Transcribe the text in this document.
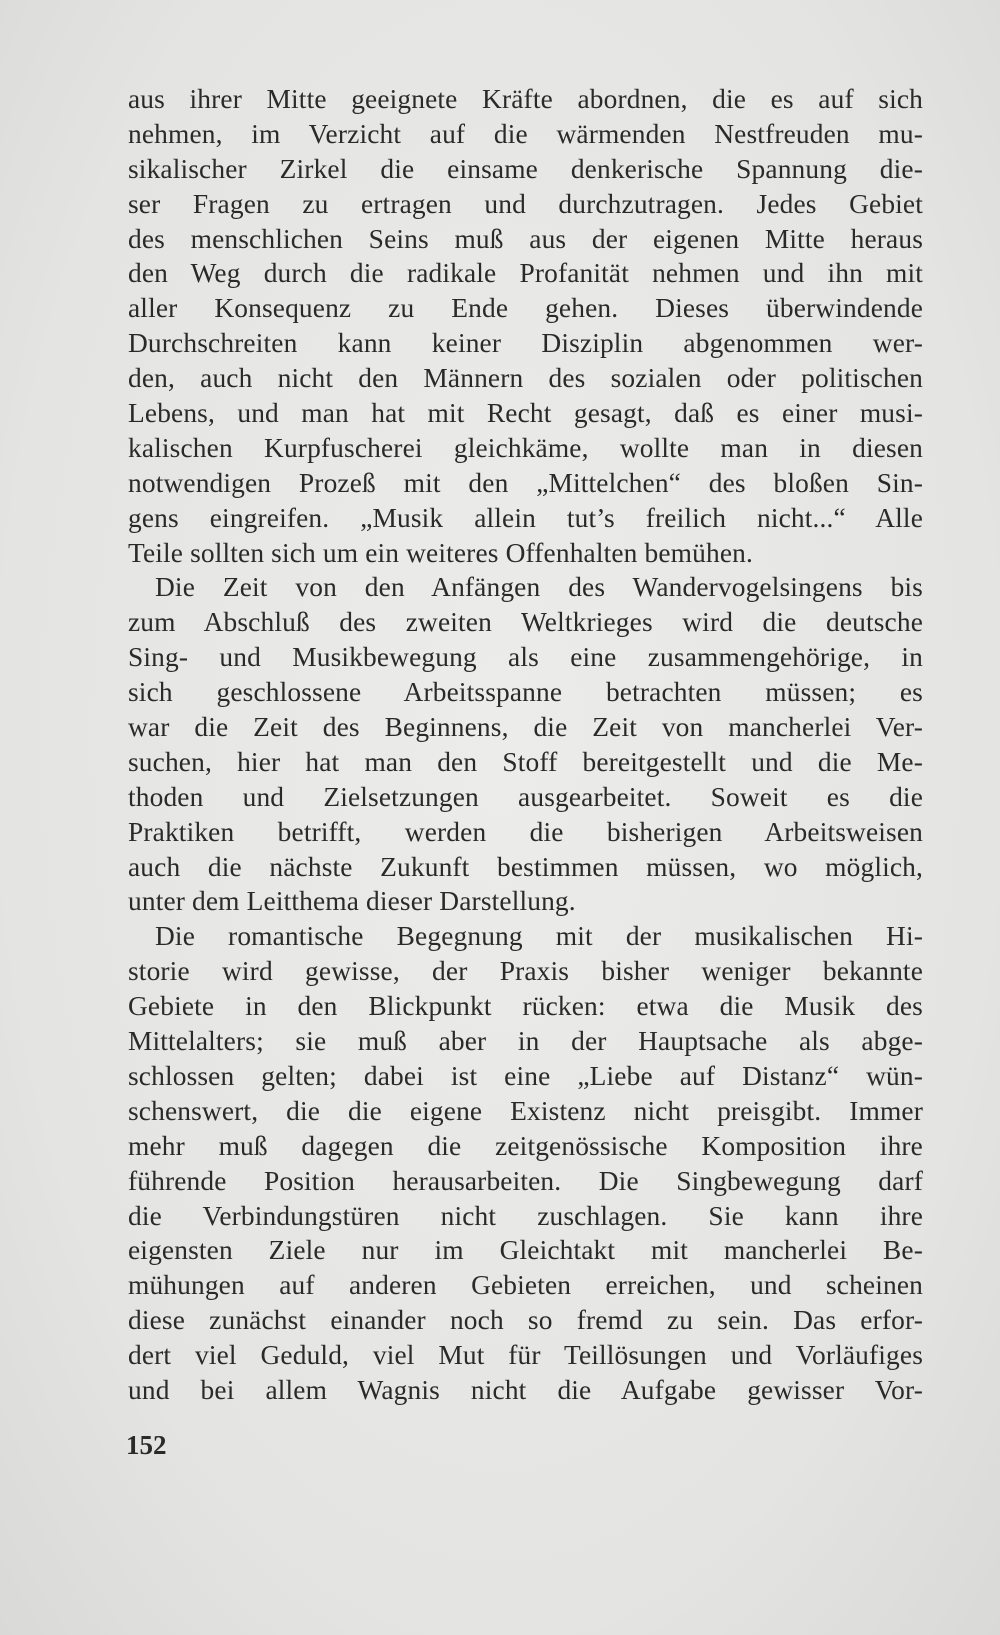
aus ihrer Mitte geeignete Kräfte abordnen, die es auf sich
nehmen, im Verzicht auf die wärmenden Nestfreuden mu-
sikalischer Zirkel die einsame denkerische Spannung die-
ser Fragen zu ertragen und durchzutragen. Jedes Gebiet
des menschlichen Seins muß aus der eigenen Mitte heraus
den Weg durch die radikale Profanität nehmen und ihn mit
aller Konsequenz zu Ende gehen. Dieses überwindende
Durchschreiten kann keiner Disziplin abgenommen wer-
den, auch nicht den Männern des sozialen oder politischen
Lebens, und man hat mit Recht gesagt, daß es einer musi-
kalischen Kurpfuscherei gleichkäme, wollte man in diesen
notwendigen Prozeß mit den „Mittelchen“ des bloßen Sin-
gens eingreifen. „Musik allein tut’s freilich nicht...“ Alle
Teile sollten sich um ein weiteres Offenhalten bemühen.
Die Zeit von den Anfängen des Wandervogelsingens bis
zum Abschluß des zweiten Weltkrieges wird die deutsche
Sing- und Musikbewegung als eine zusammengehörige, in
sich geschlossene Arbeitsspanne betrachten müssen; es
war die Zeit des Beginnens, die Zeit von mancherlei Ver-
suchen, hier hat man den Stoff bereitgestellt und die Me-
thoden und Zielsetzungen ausgearbeitet. Soweit es die
Praktiken betrifft, werden die bisherigen Arbeitsweisen
auch die nächste Zukunft bestimmen müssen, wo möglich,
unter dem Leitthema dieser Darstellung.
Die romantische Begegnung mit der musikalischen Hi-
storie wird gewisse, der Praxis bisher weniger bekannte
Gebiete in den Blickpunkt rücken: etwa die Musik des
Mittelalters; sie muß aber in der Hauptsache als abge-
schlossen gelten; dabei ist eine „Liebe auf Distanz“ wün-
schenswert, die die eigene Existenz nicht preisgibt. Immer
mehr muß dagegen die zeitgenössische Komposition ihre
führende Position herausarbeiten. Die Singbewegung darf
die Verbindungstüren nicht zuschlagen. Sie kann ihre
eigensten Ziele nur im Gleichtakt mit mancherlei Be-
mühungen auf anderen Gebieten erreichen, und scheinen
diese zunächst einander noch so fremd zu sein. Das erfor-
dert viel Geduld, viel Mut für Teillösungen und Vorläufiges
und bei allem Wagnis nicht die Aufgabe gewisser Vor-
152
